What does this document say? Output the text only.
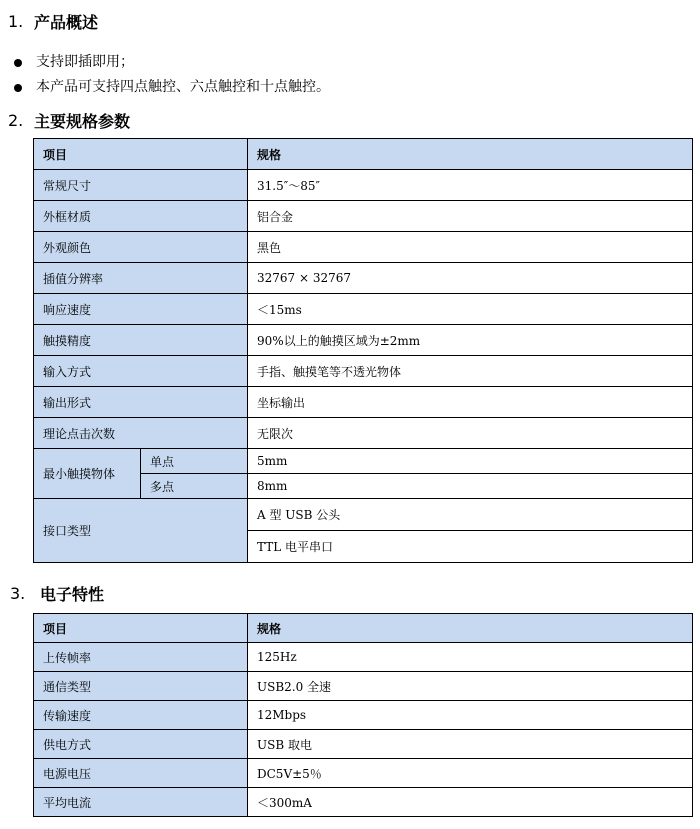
1. 产品概述
支持即插即用；
本产品可支持四点触控、六点触控和十点触控。
2. 主要规格参数
项目		规格
常规尺寸		31.5″～85″
外框材质		铝合金
外观颜色		黑色
插值分辨率		32767 × 32767
响应速度		＜15ms
触摸精度		90%以上的触摸区域为±2mm
输入方式		手指、触摸笔等不透光物体
输出形式		坐标输出
理论点击次数		无限次
最小触摸物体	单点	5mm
	多点	8mm
接口类型		A 型 USB 公头
		TTL 电平串口
3. 电子特性
项目	规格
上传帧率	125Hz
通信类型	USB2.0 全速
传输速度	12Mbps
供电方式	USB 取电
电源电压	DC5V±5％
平均电流	＜300mA
